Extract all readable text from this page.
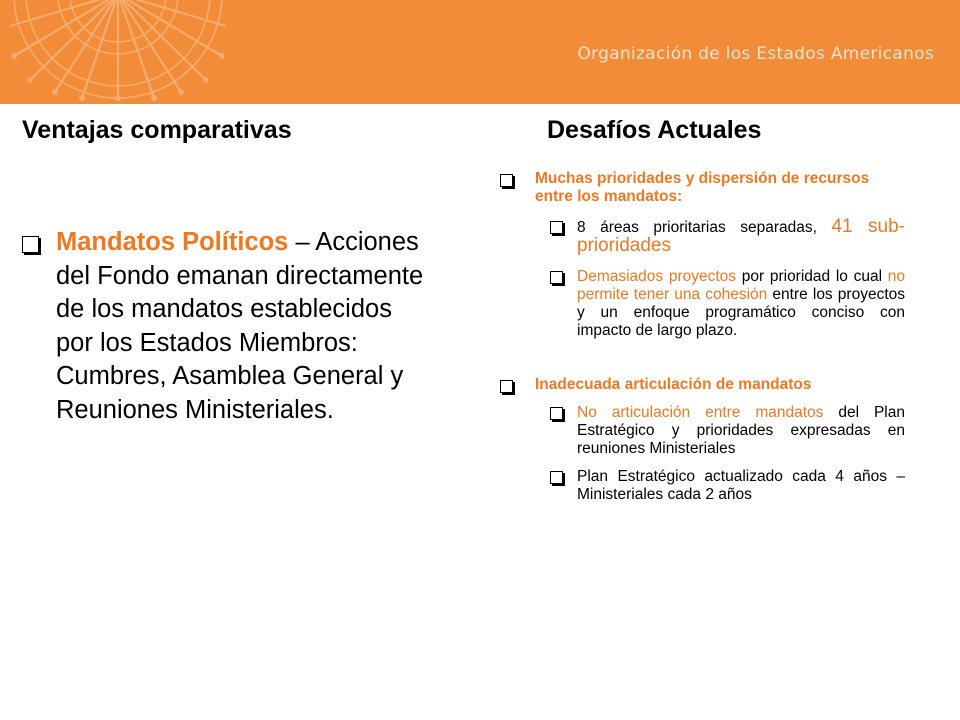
Organización de los Estados Americanos
Ventajas comparativas	Desafíos Actuales
Mandatos Políticos – Acciones del Fondo emanan directamente de los mandatos establecidos por los Estados Miembros: Cumbres, Asamblea General y Reuniones Ministeriales.
Muchas prioridades y dispersión de recursos entre los mandatos:
8 áreas prioritarias separadas, 41 sub-prioridades
Demasiados proyectos por prioridad lo cual no permite tener una cohesión entre los proyectos y un enfoque programático conciso con impacto de largo plazo.
Inadecuada articulación de mandatos
No articulación entre mandatos del Plan Estratégico y prioridades expresadas en reuniones Ministeriales
Plan Estratégico actualizado cada 4 años – Ministeriales cada 2 años
